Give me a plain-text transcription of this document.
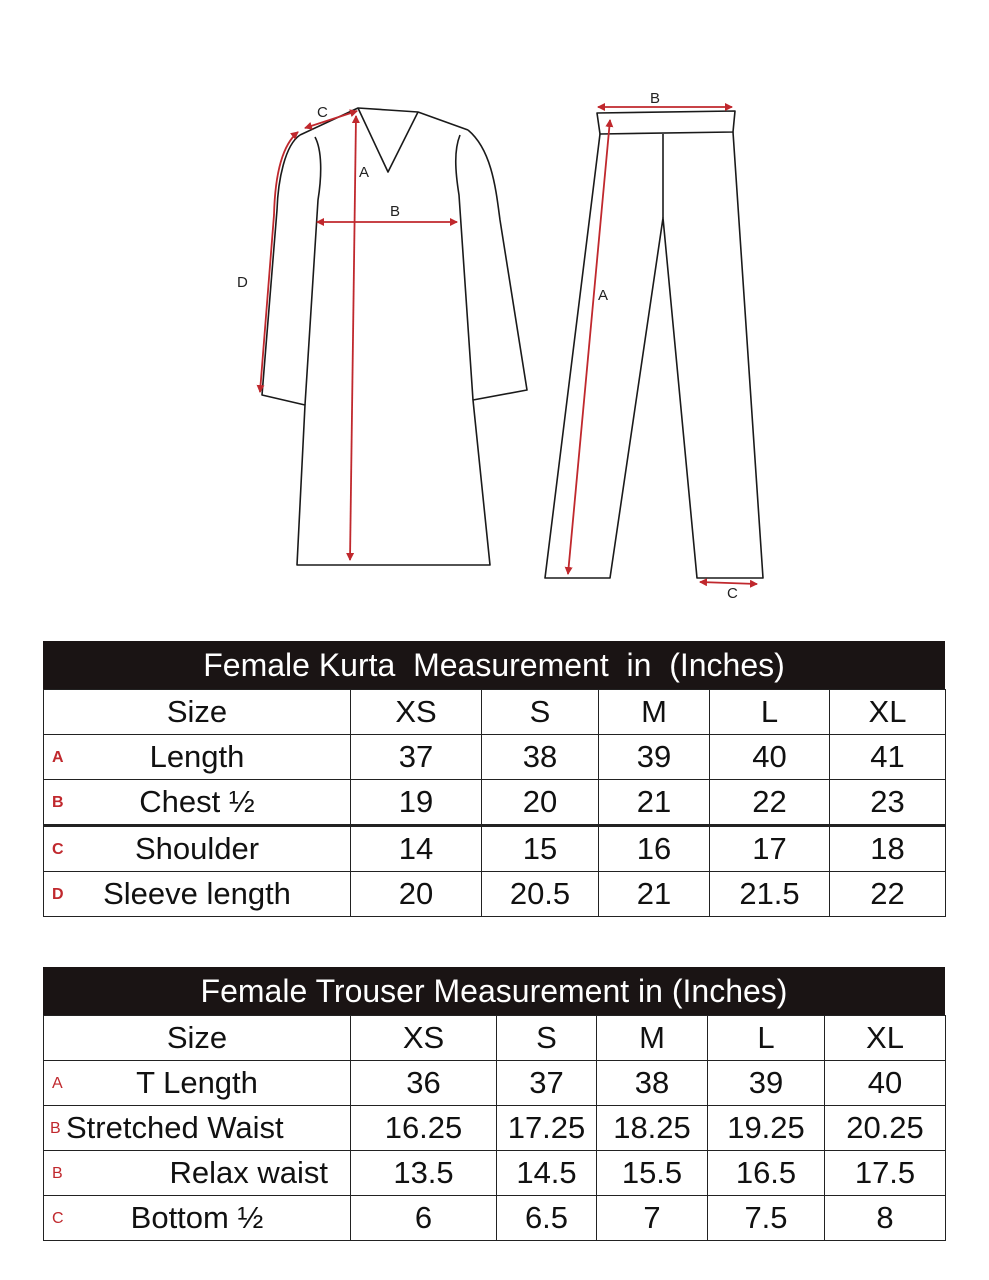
C
A
B
D
B
A
C
Female Kurta  Measurement  in  (Inches)
Size	XS	S	M	L	XL

A Length	37	38	39	40	41

B Chest ½	19	20	21	22	23

C Shoulder	14	15	16	17	18

D Sleeve length	20	20.5	21	21.5	22
Female Trouser Measurement in (Inches)
Size	XS	S	M	L	XL

A T Length	36	37	38	39	40

B Stretched Waist	16.25	17.25	18.25	19.25	20.25

B Relax waist	13.5	14.5	15.5	16.5	17.5

C Bottom ½	6	6.5	7	7.5	8
